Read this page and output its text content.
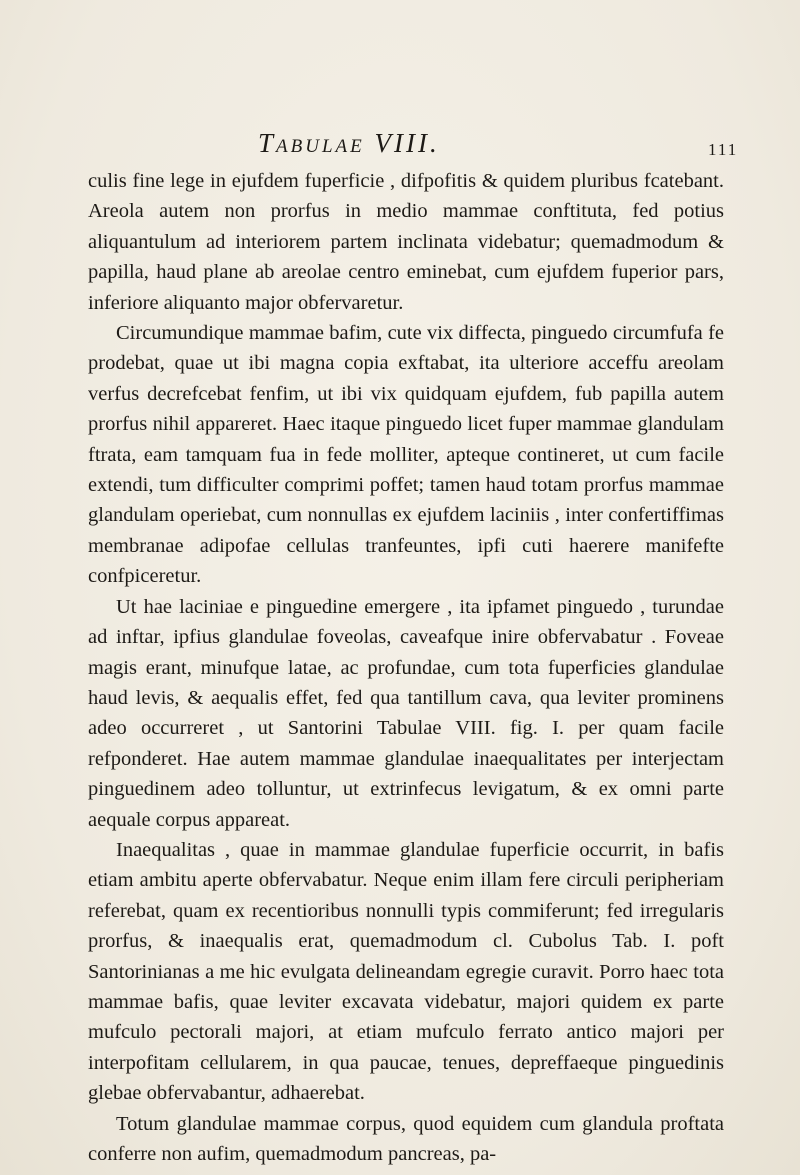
Tabulae VIII.	111

culis fine lege in ejufdem fuperficie , difpofitis & quidem pluribus fcatebant. Areola autem non prorfus in medio mammae conftituta, fed potius aliquantulum ad interiorem partem inclinata videbatur; quemadmodum & papilla, haud plane ab areolae centro eminebat, cum ejufdem fuperior pars, inferiore aliquanto major obfervaretur.

Circumundique mammae bafim, cute vix diffecta, pinguedo circumfufa fe prodebat, quae ut ibi magna copia exftabat, ita ulteriore acceffu areolam verfus decrefcebat fenfim, ut ibi vix quidquam ejufdem, fub papilla autem prorfus nihil appareret. Haec itaque pinguedo licet fuper mammae glandulam ftrata, eam tamquam fua in fede molliter, apteque contineret, ut cum facile extendi, tum difficulter comprimi poffet; tamen haud totam prorfus mammae glandulam operiebat, cum nonnullas ex ejufdem laciniis , inter confertiffimas membranae adipofae cellulas tranfeuntes, ipfi cuti haerere manifefte confpiceretur.

Ut hae laciniae e pinguedine emergere , ita ipfamet pinguedo , turundae ad inftar, ipfius glandulae foveolas, caveafque inire obfervabatur . Foveae magis erant, minufque latae, ac profundae, cum tota fuperficies glandulae haud levis, & aequalis effet, fed qua tantillum cava, qua leviter prominens adeo occurreret , ut Santorini Tabulae VIII. fig. I. per quam facile refponderet. Hae autem mammae glandulae inaequalitates per interjectam pinguedinem adeo tolluntur, ut extrinfecus levigatum, & ex omni parte aequale corpus appareat.

Inaequalitas , quae in mammae glandulae fuperficie occurrit, in bafis etiam ambitu aperte obfervabatur. Neque enim illam fere circuli peripheriam referebat, quam ex recentioribus nonnulli typis commiferunt; fed irregularis prorfus, & inaequalis erat, quemadmodum cl. Cubolus Tab. I. poft Santorinianas a me hic evulgata delineandam egregie curavit. Porro haec tota mammae bafis, quae leviter excavata videbatur, majori quidem ex parte mufculo pectorali majori, at etiam mufculo ferrato antico majori per interpofitam cellularem, in qua paucae, tenues, depreffaeque pinguedinis glebae obfervabantur, adhaerebat.

Totum glandulae mammae corpus, quod equidem cum glandula proftata conferre non aufim, quemadmodum pancreas, pa-
